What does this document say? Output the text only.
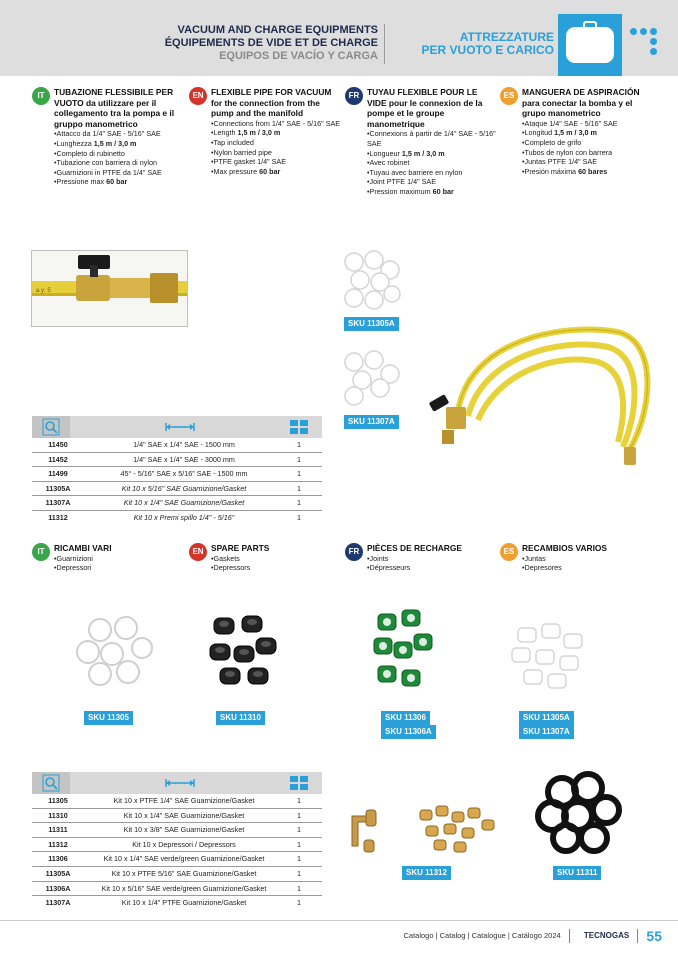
VACUUM AND CHARGE EQUIPMENTS
ÉQUIPEMENTS DE VIDE ET DE CHARGE
EQUIPOS DE VACÍO Y CARGA
ATTREZZATURE
PER VUOTO E CARICO
IT	TUBAZIONE FLESSIBILE PER VUOTO da utilizzare per il collegamento tra la pompa e il gruppo manometrico
• Attacco da 1/4" SAE - 5/16" SAE
• Lunghezza 1,5 m / 3,0 m
• Completo di rubinetto
• Tubazione con barriera di nylon
• Guarnizioni in PTFE da 1/4" SAE
• Pressione max 60 bar
EN FLEXIBLE PIPE FOR VACUUM for the connection from the pump and the manifold
• Connections from 1/4" SAE - 5/16" SAE
• Length 1,5 m / 3,0 m
• Tap included
• Nylon barried pipe
• PTFE gasket 1/4" SAE
• Max pressure 60 bar
FR TUYAU FLEXIBLE POUR LE VIDE pour le connexion de la pompe et le groupe manometrique
• Connexions à partir de 1/4" SAE - 5/16" SAE
• Longueur 1,5 m / 3,0 m
• Avec robinet
• Tuyau avec barriere en nylon
• Joint PTFE 1/4" SAE
• Pression maximum 60 bar
ES MANGUERA DE ASPIRACIÓN para conectar la bomba y el grupo manometrico
• Ataque 1/4" SAE - 5/16" SAE
• Longitud 1,5 m / 3,0 m
• Completo de grifo
• Tubos de nylon con barrera
• Juntas PTFE 1/4" SAE
• Presión máxima 60 bares
a y: 5
SKU 11305A
SKU 11307A
11450	1/4" SAE x 1/4" SAE - 1500 mm	1
11452	1/4" SAE x 1/4" SAE - 3000 mm	1
11499	45° - 5/16" SAE x 5/16" SAE - 1500 mm	1
11305A	Kit 10 x 5/16" SAE Guarnizione/Gasket	1
11307A	Kit 10 x 1/4" SAE Guarnizione/Gasket	1
11312	Kit 10 x Premi spillo 1/4" - 5/16"	1
IT	RICAMBI VARI
• Guarnizioni
• Depressori
EN SPARE PARTS
• Gaskets
• Depressors
FR PIÈCES DE RECHARGE
• Joints
• Dépresseurs
ES RECAMBIOS VARIOS
• Juntas
• Depresores
SKU 11305	SKU 11310	SKU 11306
SKU 11306A
SKU 11305A
SKU 11307A
11305	Kit 10 x PTFE 1/4" SAE Guarnizione/Gasket	1
11310	Kit 10 x 1/4" SAE Guarnizione/Gasket	1
11311	Kit 10 x 3/8" SAE Guarnizione/Gasket	1
11312	Kit 10 x Depressori / Depressors	1
11306	Kit 10 x 1/4" SAE verde/green Guarnizione/Gasket	1
11305A	Kit 10 x PTFE 5/16" SAE Guarnizione/Gasket	1
11306A	Kit 10 x 5/16" SAE verde/green Guarnizione/Gasket	1
11307A	Kit 10 x 1/4" PTFE Guarnizione/Gasket	1
SKU 11312	SKU 11311
Catalogo | Catalog | Catalogue | Catálogo 2024	TECNOGAS 55
